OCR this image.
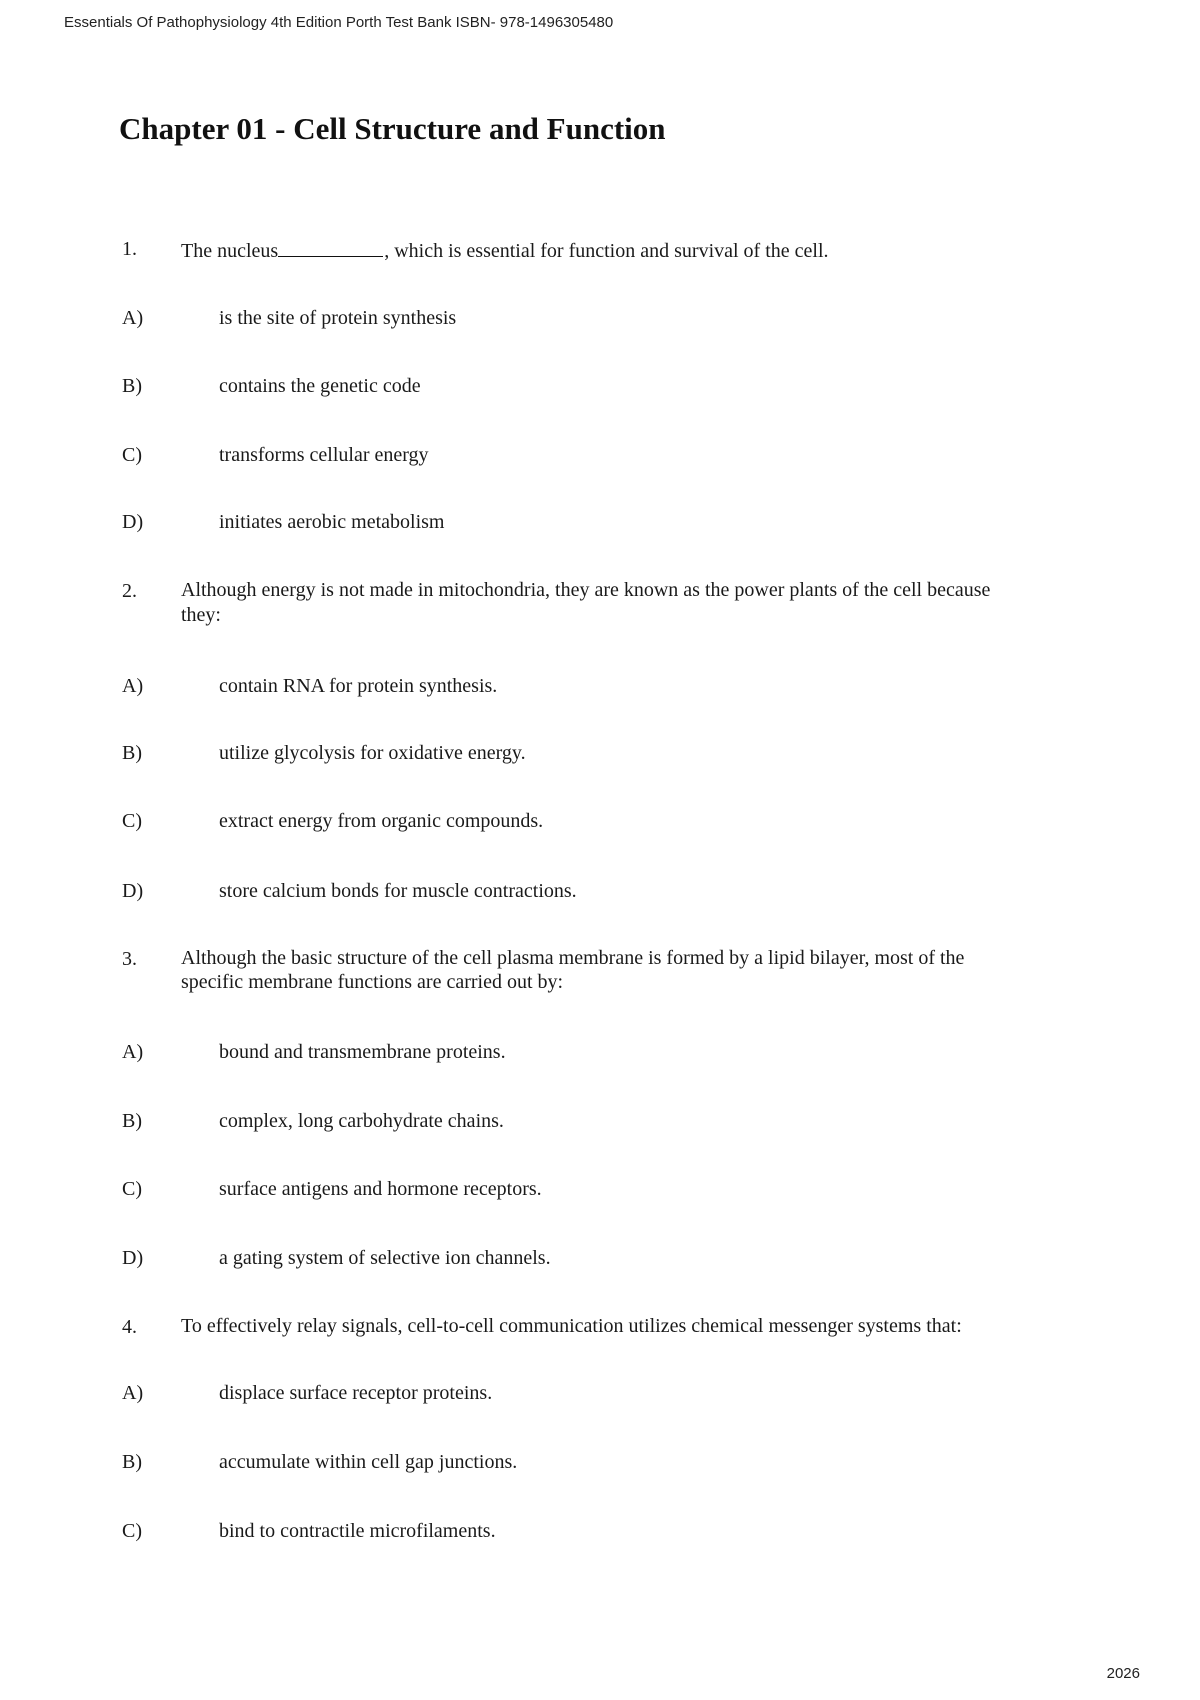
Essentials Of Pathophysiology 4th Edition Porth Test Bank ISBN- 978-1496305480
Chapter 01 - Cell Structure and Function
1. The nucleus	, which is essential for function and survival of the cell.
A)	is the site of protein synthesis
B)	contains the genetic code
C)	transforms cellular energy
D)	initiates aerobic metabolism
2. Although energy is not made in mitochondria, they are known as the power plants of the cell because
they:
A)	contain RNA for protein synthesis.
B)	utilize glycolysis for oxidative energy.
C)	extract energy from organic compounds.
D)	store calcium bonds for muscle contractions.
3. Although the basic structure of the cell plasma membrane is formed by a lipid bilayer, most of the
specific membrane functions are carried out by:
A)	bound and transmembrane proteins.
B)	complex, long carbohydrate chains.
C)	surface antigens and hormone receptors.
D)	a gating system of selective ion channels.
4. To effectively relay signals, cell-to-cell communication utilizes chemical messenger systems that:
A)	displace surface receptor proteins.
B)	accumulate within cell gap junctions.
C)	bind to contractile microfilaments.
2026
